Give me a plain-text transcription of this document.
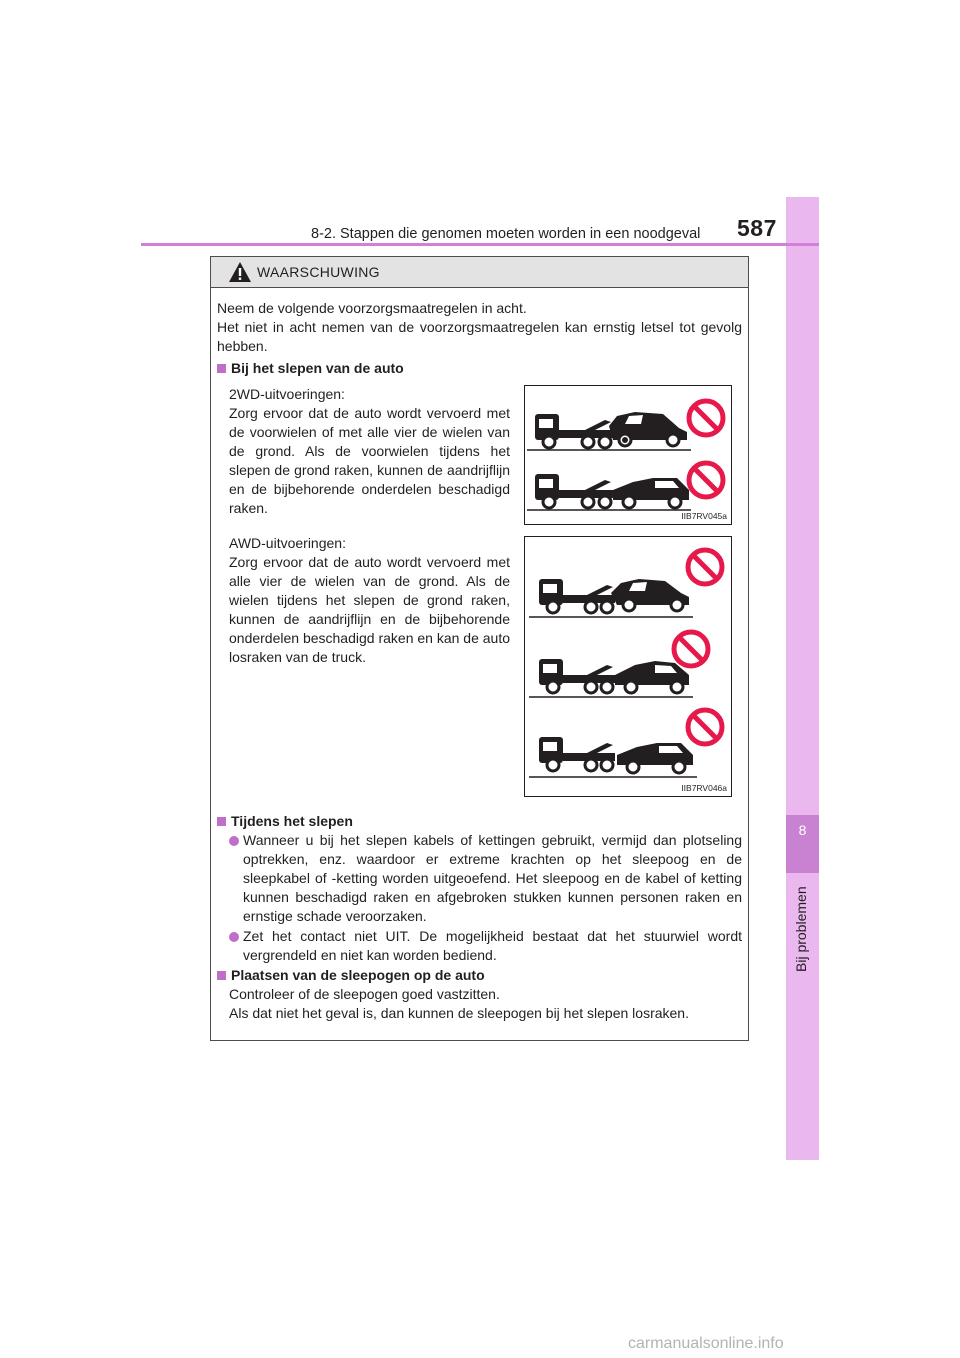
8
Bij problemen
8-2. Stappen die genomen moeten worden in een noodgeval 587
WAARSCHUWING
Neem de volgende voorzorgsmaatregelen in acht.
Het niet in acht nemen van de voorzorgsmaatregelen kan ernstig letsel tot gevolg hebben.
Bij het slepen van de auto
2WD-uitvoeringen:
Zorg ervoor dat de auto wordt vervoerd met de voorwielen of met alle vier de wielen van de grond. Als de voorwielen tijdens het slepen de grond raken, kunnen de aandrijflijn en de bijbehorende onderdelen beschadigd raken.
AWD-uitvoeringen:
Zorg ervoor dat de auto wordt vervoerd met alle vier de wielen van de grond. Als de wielen tijdens het slepen de grond raken, kunnen de aandrijflijn en de bijbehorende onderdelen beschadigd raken en kan de auto losraken van de truck.
IIB7RV045a
IIB7RV046a
Tijdens het slepen
Wanneer u bij het slepen kabels of kettingen gebruikt, vermijd dan plotseling optrekken, enz. waardoor er extreme krachten op het sleepoog en de sleepkabel of -ketting worden uitgeoefend. Het sleepoog en de kabel of ketting kunnen beschadigd raken en afgebroken stukken kunnen personen raken en ernstige schade veroorzaken.
Zet het contact niet UIT. De mogelijkheid bestaat dat het stuurwiel wordt vergrendeld en niet kan worden bediend.
Plaatsen van de sleepogen op de auto
Controleer of de sleepogen goed vastzitten.
Als dat niet het geval is, dan kunnen de sleepogen bij het slepen losraken.
carmanualsonline.info
